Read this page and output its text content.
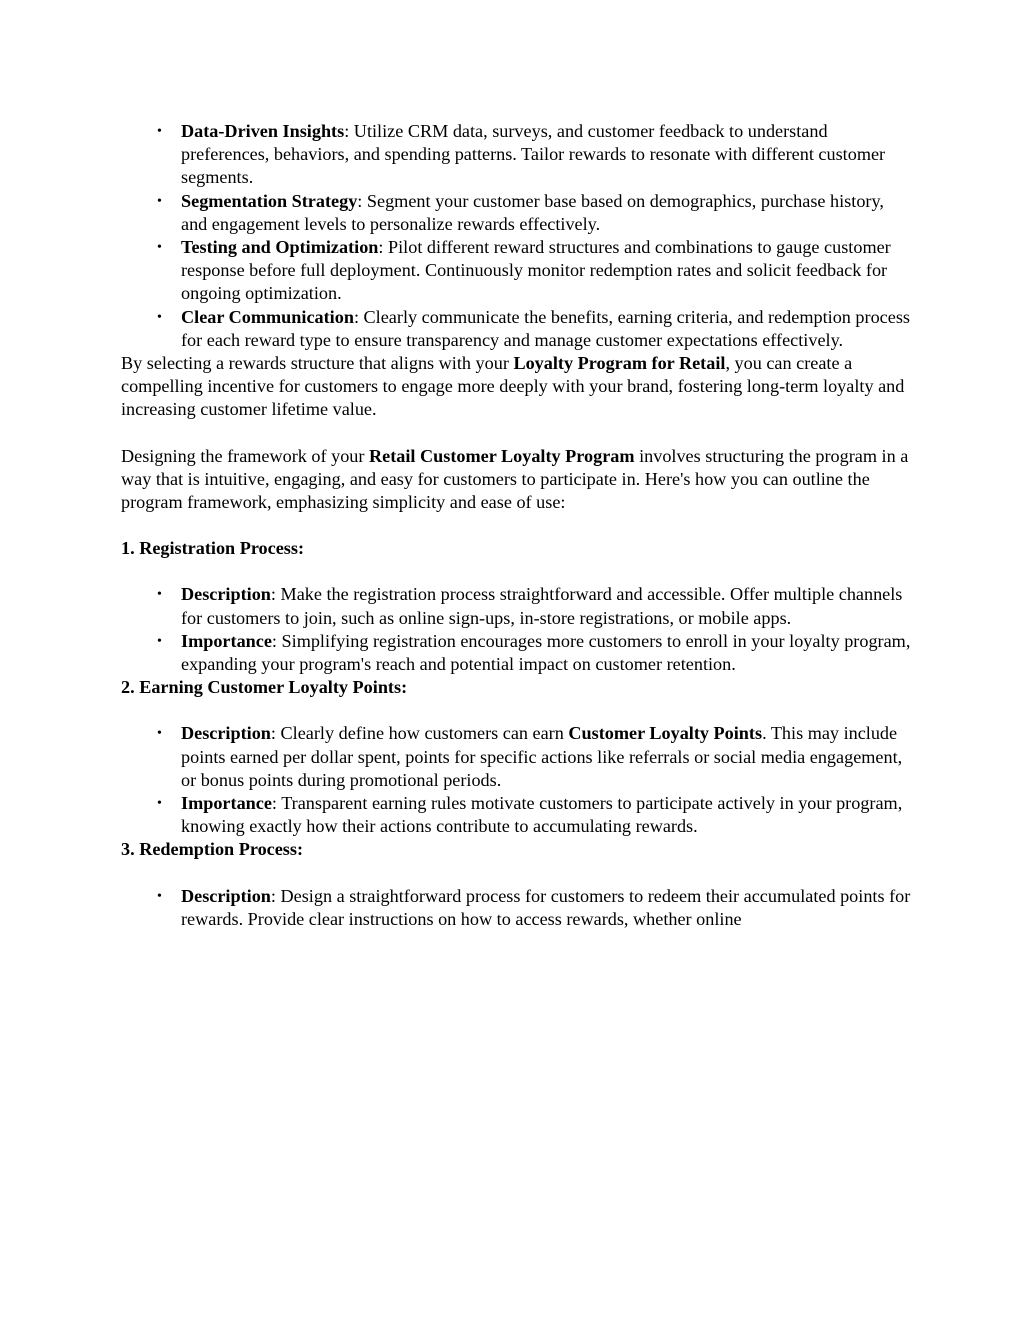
• Data-Driven Insights: Utilize CRM data, surveys, and customer feedback to understand preferences, behaviors, and spending patterns. Tailor rewards to resonate with different customer segments.
• Segmentation Strategy: Segment your customer base based on demographics, purchase history, and engagement levels to personalize rewards effectively.
• Testing and Optimization: Pilot different reward structures and combinations to gauge customer response before full deployment. Continuously monitor redemption rates and solicit feedback for ongoing optimization.
• Clear Communication: Clearly communicate the benefits, earning criteria, and redemption process for each reward type to ensure transparency and manage customer expectations effectively.

By selecting a rewards structure that aligns with your Loyalty Program for Retail, you can create a compelling incentive for customers to engage more deeply with your brand, fostering long-term loyalty and increasing customer lifetime value.

Designing the framework of your Retail Customer Loyalty Program involves structuring the program in a way that is intuitive, engaging, and easy for customers to participate in. Here's how you can outline the program framework, emphasizing simplicity and ease of use:

1. Registration Process:
• Description: Make the registration process straightforward and accessible. Offer multiple channels for customers to join, such as online sign-ups, in-store registrations, or mobile apps.
• Importance: Simplifying registration encourages more customers to enroll in your loyalty program, expanding your program's reach and potential impact on customer retention.
2. Earning Customer Loyalty Points:
• Description: Clearly define how customers can earn Customer Loyalty Points. This may include points earned per dollar spent, points for specific actions like referrals or social media engagement, or bonus points during promotional periods.
• Importance: Transparent earning rules motivate customers to participate actively in your program, knowing exactly how their actions contribute to accumulating rewards.
3. Redemption Process:
• Description: Design a straightforward process for customers to redeem their accumulated points for rewards. Provide clear instructions on how to access rewards, whether online
